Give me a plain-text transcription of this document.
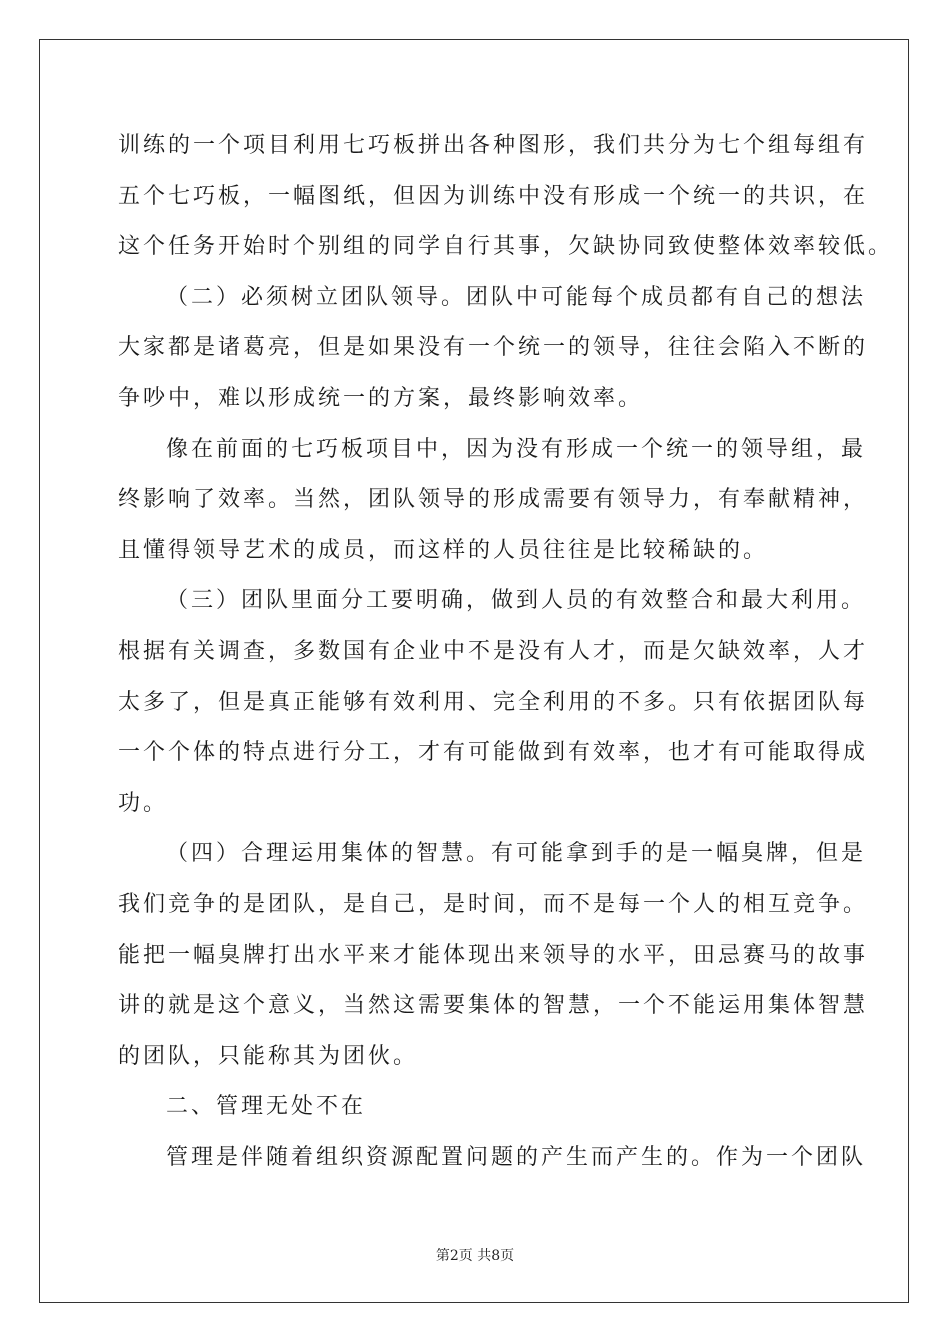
训练的一个项目利用七巧板拼出各种图形，我们共分为七个组每组有
五个七巧板，一幅图纸，但因为训练中没有形成一个统一的共识，在
这个任务开始时个别组的同学自行其事，欠缺协同致使整体效率较低。
（二）必须树立团队领导。团队中可能每个成员都有自己的想法
大家都是诸葛亮，但是如果没有一个统一的领导，往往会陷入不断的
争吵中，难以形成统一的方案，最终影响效率。
像在前面的七巧板项目中，因为没有形成一个统一的领导组，最
终影响了效率。当然，团队领导的形成需要有领导力，有奉献精神，
且懂得领导艺术的成员，而这样的人员往往是比较稀缺的。
（三）团队里面分工要明确，做到人员的有效整合和最大利用。
根据有关调查，多数国有企业中不是没有人才，而是欠缺效率，人才
太多了，但是真正能够有效利用、完全利用的不多。只有依据团队每
一个个体的特点进行分工，才有可能做到有效率，也才有可能取得成
功。
（四）合理运用集体的智慧。有可能拿到手的是一幅臭牌，但是
我们竞争的是团队，是自己，是时间，而不是每一个人的相互竞争。
能把一幅臭牌打出水平来才能体现出来领导的水平，田忌赛马的故事
讲的就是这个意义，当然这需要集体的智慧，一个不能运用集体智慧
的团队，只能称其为团伙。
二、管理无处不在
管理是伴随着组织资源配置问题的产生而产生的。作为一个团队
第2页 共8页
